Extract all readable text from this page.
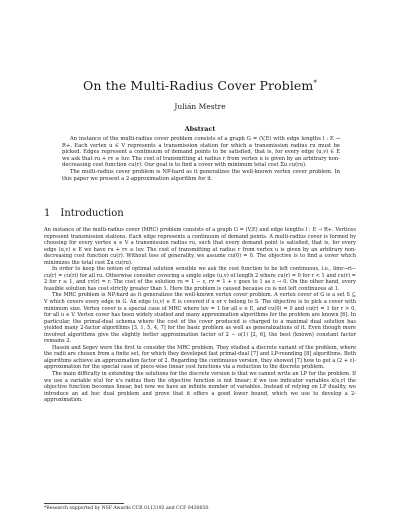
On the Multi-Radius Cover Problem*
Julián Mestre
Abstract

An instance of the multi-radius cover problem consists of a graph G = (V,E) with edge lengths l : E → R+. Each vertex u ∈ V represents a transmission station for which a transmission radius ru must be picked. Edges represent a continuum of demand points to be satisfied, that is, for every edge (u,v) ∈ E we ask that ru + rv ≥ luv. The cost of transmitting at radius r from vertex u is given by an arbitrary non-decreasing cost function cu(r). Our goal is to find a cover with minimum total cost Σu cu(ru).

The multi-radius cover problem is NP-hard as it generalizes the well-known vertex cover problem. In this paper we present a 2-approximation algorithm for it.

1 Introduction

An instance of the multi-radius cover (MRC) problem consists of a graph G = (V,E) and edge lengths l : E → R+. Vertices represent transmission stations. Each edge represents a continuum of demand points. A multi-radius cover is formed by choosing for every vertex u ∈ V a transmission radius ru, such that every demand point is satisfied, that is, for every edge (u,v) ∈ E we have ru + rv ≥ luv. The cost of transmitting at radius r from vertex u is given by an arbitrary non-decreasing cost function cu(r). Without loss of generality, we assume cu(0) = 0. The objective is to find a cover which minimizes the total cost Σu cu(ru).

In order to keep the notion of optimal solution sensible we ask the cost function to be left continuous, i.e., limr→ri− cu(r) = cu(ri) for all ru. Otherwise consider covering a single edge (u,v) of length 2 where cu(r) = 0 for r < 1 and cu(r) = 2 for r ≥ 1, and cv(r) = r. The cost of the solution ru = 1 − ε, rv = 1 + ε goes to 1 as ε → 0. On the other hand, every feasible solution has cost strictly greater than 1. Here the problem is caused because cu is not left continuous at 1.

The MRC problem is NP-hard as it generalizes the well-known vertex cover problem. A vertex cover of G is a set S ⊆ V which covers every edge in G. An edge (u,v) ∈ E is covered if u or v belong to S. The objective is to pick a cover with minimum size. Vertex cover is a special case of MRC where luv = 1 for all e ∈ E, and cu(0) = 0 and cu(r) = 1 for r > 0, for all u ∈ V. Vertex cover has been widely studied and many approximation algorithms for the problem are known [6]. In particular, the primal-dual schema where the cost of the cover produced is charged to a maximal dual solution has yielded many 2-factor algorithms [3, 1, 5, 4, 7] for the basic problem as well as generalizations of it. Even though more involved algorithms give the slightly better approximation factor of 2 − o(1) [2, 6], the best (known) constant factor remains 2.

Hassin and Segev were the first to consider the MRC problem. They studied a discrete variant of the problem, where the radii are chosen from a finite set, for which they developed fast primal-dual [7] and LP-rounding [8] algorithms. Both algorithms achieve an approximation factor of 2. Regarding the continuous version, they showed [7] how to get a (2 + ε)-approximation for the special case of piece-wise linear cost functions via a reduction to the discrete problem.

The main difficulty in extending the solutions for the discrete version is that we cannot write an LP for the problem. If we use a variable x(u) for u's radius then the objective function is not linear; if we use indicator variables x(u,r) the objective function becomes linear, but now we have an infinite number of variables. Instead of relying on LP duality, we introduce an ad hoc dual problem and prove that it offers a good lower bound, which we use to develop a 2-approximation.

*Research supported by NSF Awards CCR 0113192 and CCF 0430650.
